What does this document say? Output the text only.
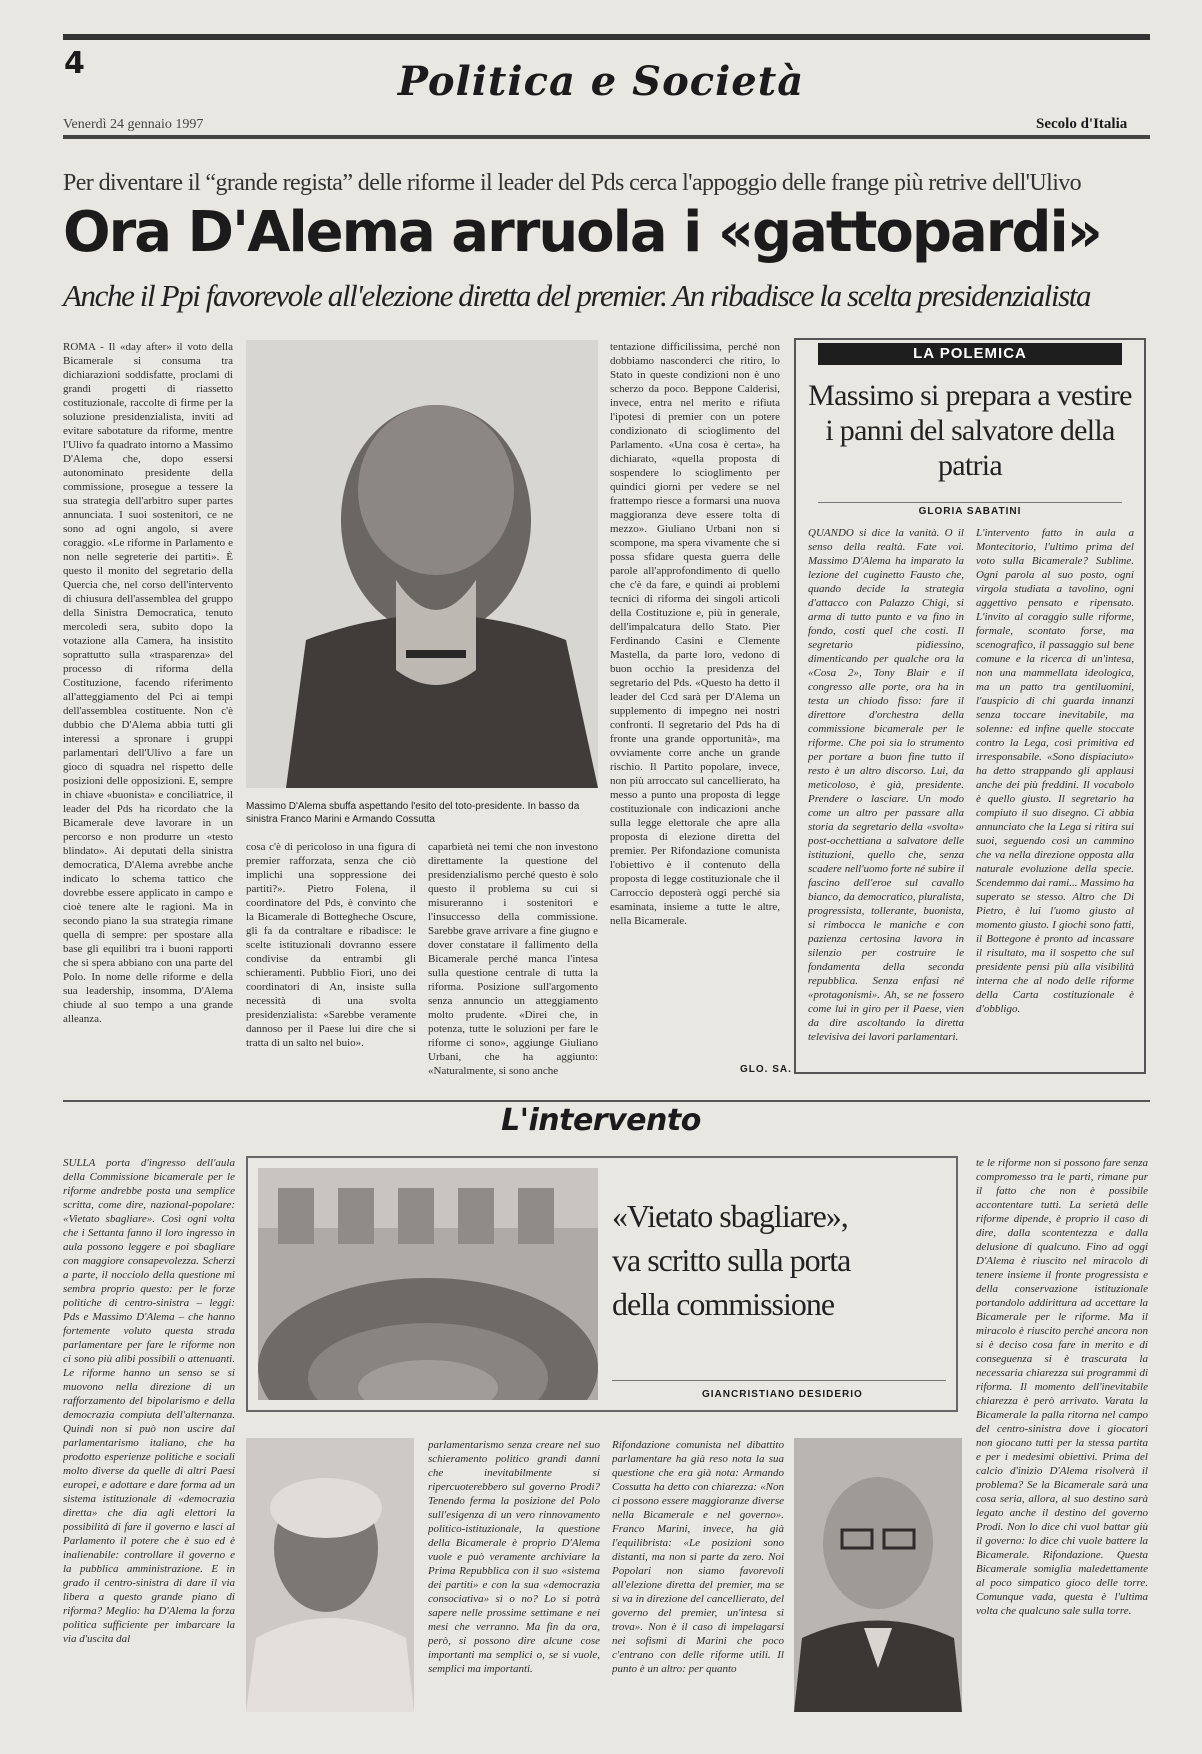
4	Politica e Società
Venerdì 24 gennaio 1997	Secolo d'Italia
Per diventare il “grande regista” delle riforme il leader del Pds cerca l'appoggio delle frange più retrive dell'Ulivo
Ora D'Alema arruola i «gattopardi»
Anche il Ppi favorevole all'elezione diretta del premier. An ribadisce la scelta presidenzialista
ROMA - Il «day after» il voto della Bicamerale si consuma tra dichiarazioni soddisfatte, proclami di grandi progetti di riassetto costituzionale, raccolte di firme per la soluzione presidenzialista, inviti ad evitare sabotature da riforme, mentre l'Ulivo fa quadrato intorno a Massimo D'Alema che, dopo essersi autonominato presidente della commissione, prosegue a tessere la sua strategia dell'arbitro super partes annunciata. I suoi sostenitori, ce ne sono ad ogni angolo, si avere coraggio. «Le riforme in Parlamento e non nelle segreterie dei partiti». È questo il monito del segretario della Quercia che, nel corso dell'intervento di chiusura dell'assemblea del gruppo della Sinistra Democratica, tenuto mercoledì sera, subito dopo la votazione alla Camera, ha insistito soprattutto sulla «trasparenza» del processo di riforma della Costituzione, facendo riferimento all'atteggiamento del Pci ai tempi dell'assemblea costituente. Non c'è dubbio che D'Alema abbia tutti gli interessi a spronare i gruppi parlamentari dell'Ulivo a fare un gioco di squadra nel rispetto delle posizioni delle opposizioni. E, sempre in chiave «buonista» e conciliatrice, il leader del Pds ha ricordato che la Bicamerale deve lavorare in un percorso e non produrre un «testo blindato». Ai deputati della sinistra democratica, D'Alema avrebbe anche indicato lo schema tattico che dovrebbe essere applicato in campo e cioè tenere alte le ragioni. Ma in secondo piano la sua strategia rimane quella di sempre: per spostare alla base gli equilibri tra i buoni rapporti che si spera abbiano con una parte del Polo. In nome delle riforme e della sua leadership, insomma, D'Alema chiude al suo tempo a una grande alleanza.
Massimo D'Alema sbuffa aspettando l'esito del toto-presidente. In basso da sinistra Franco Marini e Armando Cossutta
cosa c'è di pericoloso in una figura di premier rafforzata, senza che ciò implichi una soppressione dei partiti?». Pietro Folena, il coordinatore del Pds, è convinto che la Bicamerale di Bottegheche Oscure, gli fa da contraltare e ribadisce: le scelte istituzionali dovranno essere condivise da entrambi gli schieramenti. Pubblio Fiori, uno dei coordinatori di An, insiste sulla necessità di una svolta presidenzialista: «Sarebbe veramente dannoso per il Paese lui dire che si tratta di un salto nel buio».
caparbietà nei temi che non investono direttamente la questione del presidenzialismo perché questo è solo questo il problema su cui si misureranno i sostenitori e l'insuccesso della commissione. Sarebbe grave arrivare a fine giugno e dover constatare il fallimento della Bicamerale perché manca l'intesa sulla questione centrale di tutta la riforma. Posizione sull'argomento senza annuncio un atteggiamento molto prudente. «Direi che, in potenza, tutte le soluzioni per fare le riforme ci sono», aggiunge Giuliano Urbani, che ha aggiunto: «Naturalmente, si sono anche
tentazione difficilissima, perché non dobbiamo nasconderci che ritiro, lo Stato in queste condizioni non è uno scherzo da poco. Beppone Calderisi, invece, entra nel merito e rifiuta l'ipotesi di premier con un potere condizionato di scioglimento del Parlamento. «Una cosa è certa», ha dichiarato, «quella proposta di sospendere lo scioglimento per quindici giorni per vedere se nel frattempo riesce a formarsi una nuova maggioranza deve essere tolta di mezzo». Giuliano Urbani non si scompone, ma spera vivamente che si possa sfidare questa guerra delle parole all'approfondimento di quello che c'è da fare, e quindi ai problemi tecnici di riforma dei singoli articoli della Costituzione e, più in generale, dell'impalcatura dello Stato. Pier Ferdinando Casini e Clemente Mastella, da parte loro, vedono di buon occhio la presidenza del segretario del Pds. «Questo ha detto il leader del Ccd sarà per D'Alema un supplemento di impegno nei nostri confronti. Il segretario del Pds ha di fronte una grande opportunità», ma ovviamente corre anche un grande rischio. Il Partito popolare, invece, non più arroccato sul cancellierato, ha messo a punto una proposta di legge costituzionale con indicazioni anche sulla legge elettorale che apre alla proposta di elezione diretta del premier. Per Rifondazione comunista l'obiettivo è il contenuto della proposta di legge costituzionale che il Carroccio deposterà oggi perché sia esaminata, insieme a tutte le altre, nella Bicamerale.
GLO. SA.
LA POLEMICA
Massimo si prepara a vestire i panni del salvatore della patria
GLORIA SABATINI
QUANDO si dice la vanità. O il senso della realtà. Fate voi. Massimo D'Alema ha imparato la lezione del cuginetto Fausto che, quando decide la strategia d'attacco con Palazzo Chigi, si arma di tutto punto e va fino in fondo, costi quel che costi. Il segretario pidiessino, dimenticando per qualche ora la «Cosa 2», Tony Blair e il congresso alle porte, ora ha in testa un chiodo fisso: fare il direttore d'orchestra della commissione bicamerale per le riforme. Che poi sia lo strumento per portare a buon fine tutto il resto è un altro discorso. Lui, da meticoloso, è già, presidente. Prendere o lasciare. Un modo come un altro per passare alla storia da segretario della «svolta» post-occhettiana a salvatore delle istituzioni, quello che, senza scadere nell'uomo forte né subire il fascino dell'eroe sul cavallo bianco, da democratico, pluralista, progressista, tollerante, buonista, si rimbocca le maniche e con pazienza certosina lavora in silenzio per costruire le fondamenta della seconda repubblica. Senza enfasi né «protagonismi». Ah, se ne fossero come lui in giro per il Paese, vien da dire ascoltando la diretta televisiva dei lavori parlamentari.
L'intervento fatto in aula a Montecitorio, l'ultimo prima del voto sulla Bicamerale? Sublime. Ogni parola al suo posto, ogni virgola studiata a tavolino, ogni aggettivo pensato e ripensato. L'invito al coraggio sulle riforme, formale, scontato forse, ma scenografico, il passaggio sul bene comune e la ricerca di un'intesa, non una mammellata ideologica, ma un patto tra gentiluomini, l'auspicio di chi guarda innanzi senza toccare inevitabile, ma solenne: ed infine quelle stoccate contro la Lega, così primitiva ed irresponsabile. «Sono dispiaciuto» ha detto strappando gli applausi anche dei più freddini. Il vocabolo è quello giusto. Il segretario ha compiuto il suo disegno. Ci abbia annunciato che la Lega si ritira sui suoi, seguendo così un cammino che va nella direzione opposta alla naturale evoluzione della specie. Scendemmo dai rami... Massimo ha superato se stesso. Altro che Di Pietro, è lui l'uomo giusto al momento giusto. I giochi sono fatti, il Bottegone è pronto ad incassare il risultato, ma il sospetto che sul presidente pensi più alla visibilità interna che al nodo delle riforme della Carta costituzionale è d'obbligo.
L'intervento
SULLA porta d'ingresso dell'aula della Commissione bicamerale per le riforme andrebbe posta una semplice scritta, come dire, nazional-popolare: «Vietato sbagliare». Così ogni volta che i Settanta fanno il loro ingresso in aula possono leggere e poi sbagliare con maggiore consapevolezza. Scherzi a parte, il nocciolo della questione mi sembra proprio questo: per le forze politiche di centro-sinistra – leggi: Pds e Massimo D'Alema – che hanno fortemente voluto questa strada parlamentare per fare le riforme non ci sono più alibi possibili o attenuanti. Le riforme hanno un senso se si muovono nella direzione di un rafforzamento del bipolarismo e della democrazia compiuta dell'alternanza. Quindi non si può non uscire dal parlamentarismo italiano, che ha prodotto esperienze politiche e sociali molto diverse da quelle di altri Paesi europei, e adottare e dare forma ad un sistema istituzionale di «democrazia diretta» che dia agli elettori la possibilità di fare il governo e lasci al Parlamento il potere che è suo ed è inalienabile: controllare il governo e la pubblica amministrazione. E in grado il centro-sinistra di dare il via libera a questo grande piano di riforma? Meglio: ha D'Alema la forza politica sufficiente per imbarcare la via d'uscita dal
«Vietato sbagliare», va scritto sulla porta della commissione
GIANCRISTIANO DESIDERIO
parlamentarismo senza creare nel suo schieramento politico grandi danni che inevitabilmente si ripercuoterebbero sul governo Prodi? Tenendo ferma la posizione del Polo sull'esigenza di un vero rinnovamento politico-istituzionale, la questione della Bicamerale è proprio D'Alema vuole e può veramente archiviare la Prima Repubblica con il suo «sistema dei partiti» e con la sua «democrazia consociativa» sì o no? Lo si potrà sapere nelle prossime settimane e nei mesi che verranno. Ma fin da ora, però, si possono dire alcune cose importanti ma semplici o, se si vuole, semplici ma importanti.
Rifondazione comunista nel dibattito parlamentare ha già reso nota la sua questione che era già nota: Armando Cossutta ha detto con chiarezza: «Non ci possono essere maggioranze diverse nella Bicamerale e nel governo». Franco Marini, invece, ha già l'equilibrista: «Le posizioni sono distanti, ma non si parte da zero. Noi Popolari non siamo favorevoli all'elezione diretta del premier, ma se si va in direzione del cancellierato, del governo del premier, un'intesa si trova». Non è il caso di impelagarsi nei sofismi di Marini che poco c'entrano con delle riforme utili. Il punto è un altro: per quanto
te le riforme non si possono fare senza compromesso tra le parti, rimane pur il fatto che non è possibile accontentare tutti. La serietà delle riforme dipende, è proprio il caso di dire, dalla scontentezza e dalla delusione di qualcuno. Fino ad oggi D'Alema è riuscito nel miracolo di tenere insieme il fronte progressista e della conservazione istituzionale portandolo addirittura ad accettare la Bicamerale per le riforme. Ma il miracolo è riuscito perché ancora non si è deciso cosa fare in merito e di conseguenza si è trascurata la necessaria chiarezza sui programmi di riforma. Il momento dell'inevitabile chiarezza è però arrivato. Varata la Bicamerale la palla ritorna nel campo del centro-sinistra dove i giocatori non giocano tutti per la stessa partita e per i medesimi obiettivi. Prima del calcio d'inizio D'Alema risolverà il problema? Se la Bicamerale sarà una cosa seria, allora, al suo destino sarà legato anche il destino del governo Prodi. Non lo dice chi vuol battar giù il governo: lo dice chi vuole battere la Bicamerale. Rifondazione. Questa Bicamerale somiglia maledettamente al poco simpatico gioco delle torre. Comunque vada, questa è l'ultima volta che qualcuno sale sulla torre.
